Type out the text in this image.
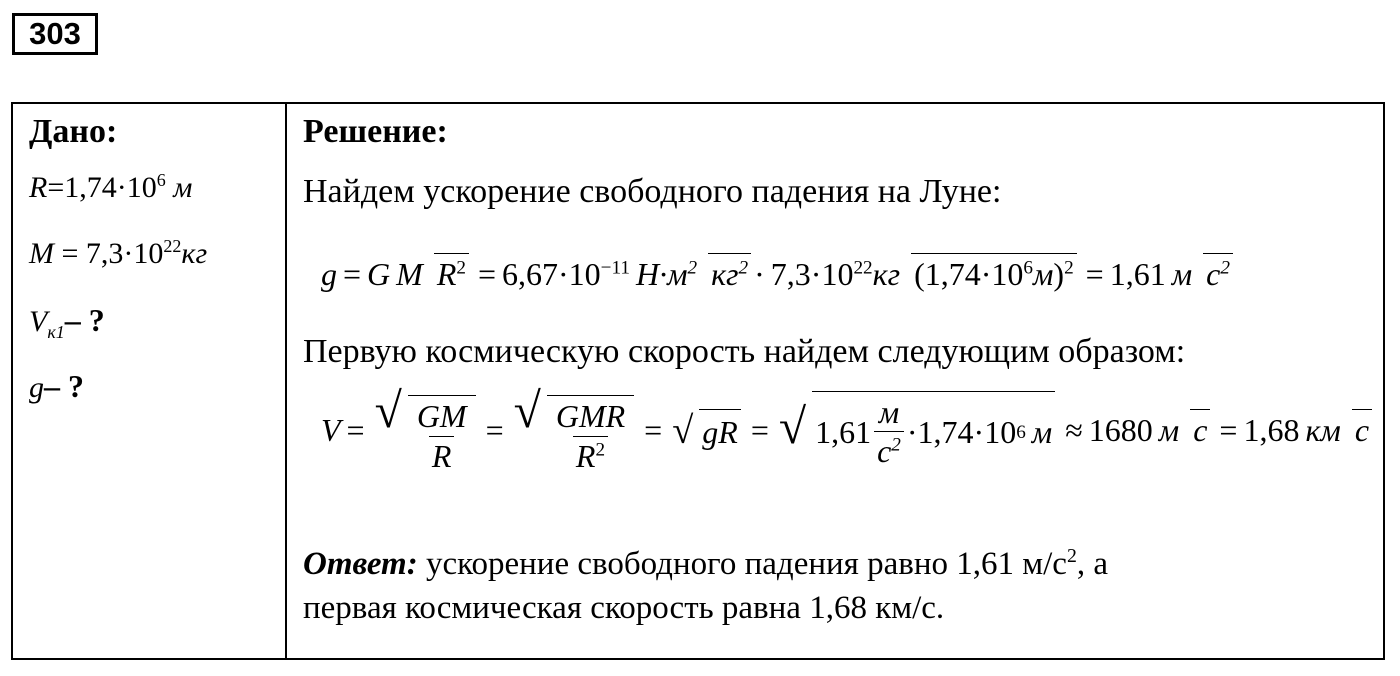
303
Дано:
$R=1,74\cdot 10^6$ м
$M = 7,3\cdot 10^{22}кг$
$V_{к1}-$ ?
g– ?
Решение:
Найдем ускорение свободного падения на Луне:
g = G M $R^2 = 6,67\cdot 10^{-11}$ $Н\cdot м^2$ $кг^2 \cdot 7,3\cdot 10^{22}кг$ $(1,74\cdot 10^6м)^2 = 1,61$ м $с^2$
Первую космическую скорость найдем следующим образом:
V = √ $\frac{GM}{R}$ = √ $\frac{\text{GMR}}{R^2}$ = √ gR = √ $1,61 \frac{м}{с^2} \cdot 1,74\cdot 10$ 6 м ≈ 1680 м с = 1,68 км с
Ответ: ускорение свободного падения равно 1,61 $м/с^2$, а
первая космическая скорость равна 1,68 км/с.
